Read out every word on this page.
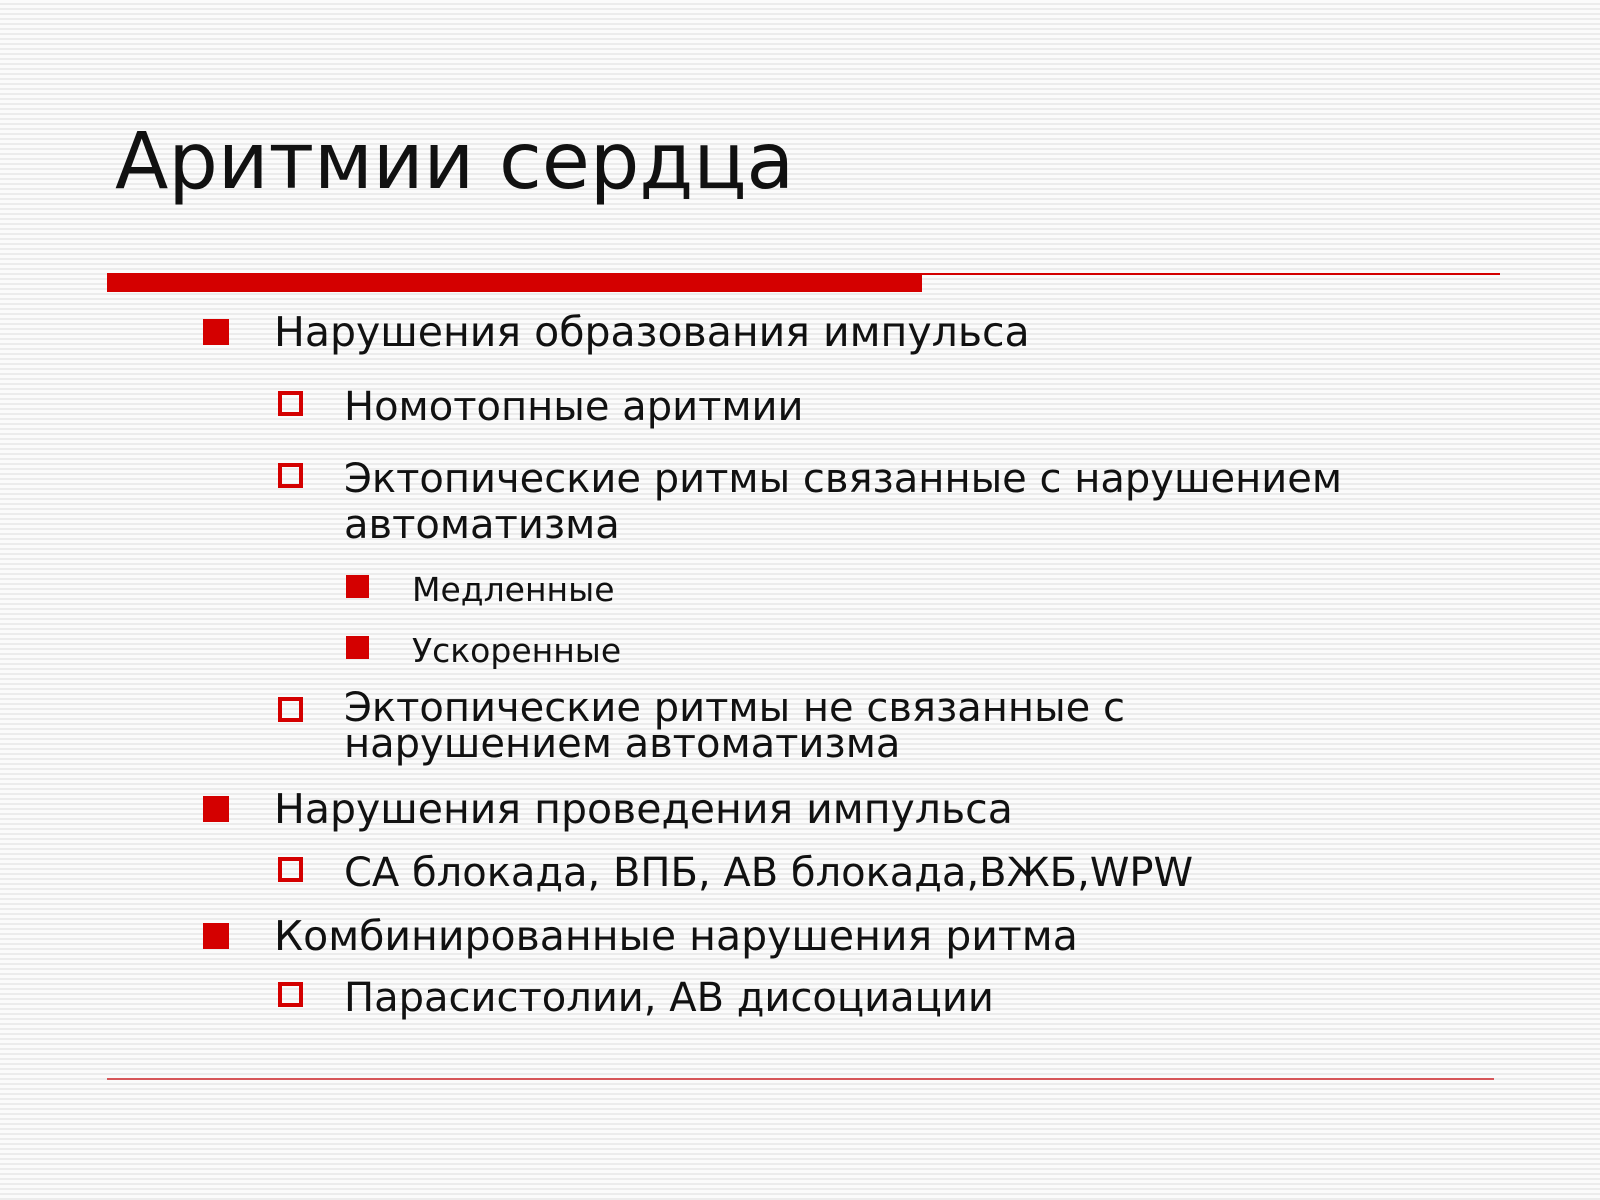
Аритмии сердца
Нарушения образования импульса
Номотопные аритмии
Эктопические ритмы связанные с нарушением
автоматизма
Медленные
Ускоренные
Эктопические ритмы не связанные с
нарушением автоматизма
Нарушения проведения импульса
СА блокада, ВПБ, АВ блокада,ВЖБ,WPW
Комбинированные нарушения ритма
Парасистолии, АВ дисоциации
